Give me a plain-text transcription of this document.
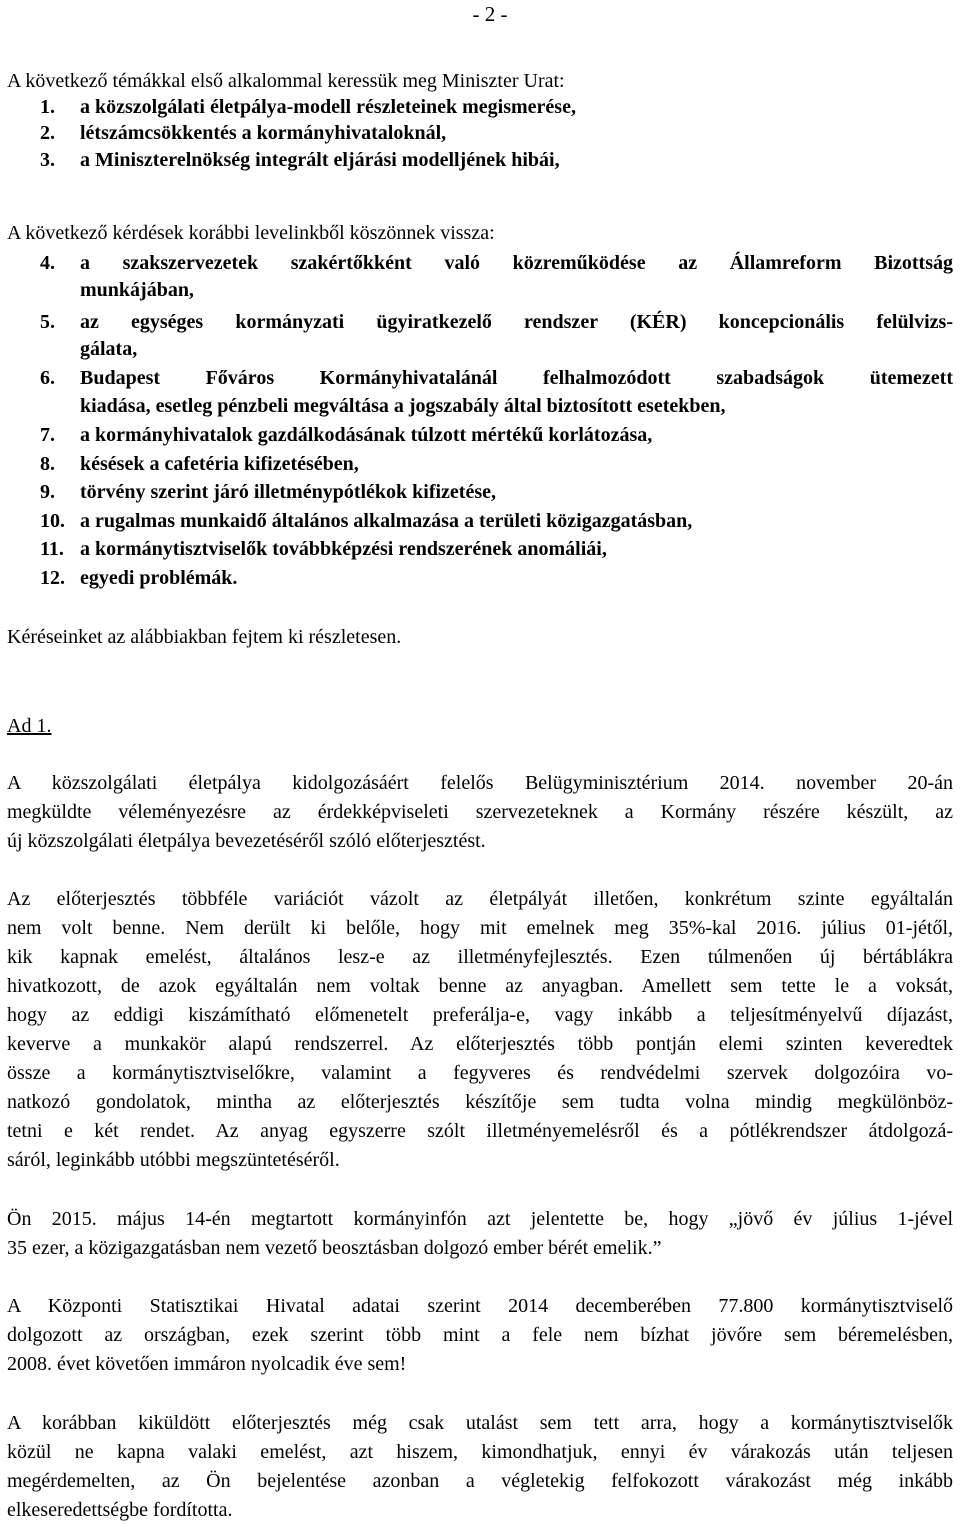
- 2 -
A következő témákkal első alkalommal keressük meg Miniszter Urat:
1. a közszolgálati életpálya-modell részleteinek megismerése,
2. létszámcsökkentés a kormányhivataloknál,
3. a Miniszterelnökség integrált eljárási modelljének hibái,
A következő kérdések korábbi levelinkből köszönnek vissza:
4. a szakszervezetek szakértőkként való közreműködése az Államreform Bizottság
munkájában,
5. az egységes kormányzati ügyiratkezelő rendszer (KÉR) koncepcionális felülvizs-
gálata,
6. Budapest Főváros Kormányhivatalánál felhalmozódott szabadságok ütemezett
kiadása, esetleg pénzbeli megváltása a jogszabály által biztosított esetekben,
7. a kormányhivatalok gazdálkodásának túlzott mértékű korlátozása,
8. késések a cafetéria kifizetésében,
9. törvény szerint járó illetménypótlékok kifizetése,
10. a rugalmas munkaidő általános alkalmazása a területi közigazgatásban,
11. a kormánytisztviselők továbbképzési rendszerének anomáliái,
12. egyedi problémák.
Kéréseinket az alábbiakban fejtem ki részletesen.
Ad 1.
A közszolgálati életpálya kidolgozásáért felelős Belügyminisztérium 2014. november 20-án
megküldte véleményezésre az érdekképviseleti szervezeteknek a Kormány részére készült, az
új közszolgálati életpálya bevezetéséről szóló előterjesztést.
Az előterjesztés többféle variációt vázolt az életpályát illetően, konkrétum szinte egyáltalán
nem volt benne. Nem derült ki belőle, hogy mit emelnek meg 35%-kal 2016. július 01-jétől,
kik kapnak emelést, általános lesz-e az illetményfejlesztés. Ezen túlmenően új bértáblákra
hivatkozott, de azok egyáltalán nem voltak benne az anyagban. Amellett sem tette le a voksát,
hogy az eddigi kiszámítható előmenetelt preferálja-e, vagy inkább a teljesítményelvű díjazást,
keverve a munkakör alapú rendszerrel. Az előterjesztés több pontján elemi szinten keveredtek
össze a kormánytisztviselőkre, valamint a fegyveres és rendvédelmi szervek dolgozóira vo-
natkozó gondolatok, mintha az előterjesztés készítője sem tudta volna mindig megkülönböz-
tetni e két rendet. Az anyag egyszerre szólt illetményemelésről és a pótlékrendszer átdolgozá-
sáról, leginkább utóbbi megszüntetéséről.
Ön 2015. május 14-én megtartott kormányinfón azt jelentette be, hogy „jövő év július 1-jével
35 ezer, a közigazgatásban nem vezető beosztásban dolgozó ember bérét emelik.”
A Központi Statisztikai Hivatal adatai szerint 2014 decemberében 77.800 kormánytisztviselő
dolgozott az országban, ezek szerint több mint a fele nem bízhat jövőre sem béremelésben,
2008. évet követően immáron nyolcadik éve sem!
A korábban kiküldött előterjesztés még csak utalást sem tett arra, hogy a kormánytisztviselők
közül ne kapna valaki emelést, azt hiszem, kimondhatjuk, ennyi év várakozás után teljesen
megérdemelten, az Ön bejelentése azonban a végletekig felfokozott várakozást még inkább
elkeseredettségbe fordította.
